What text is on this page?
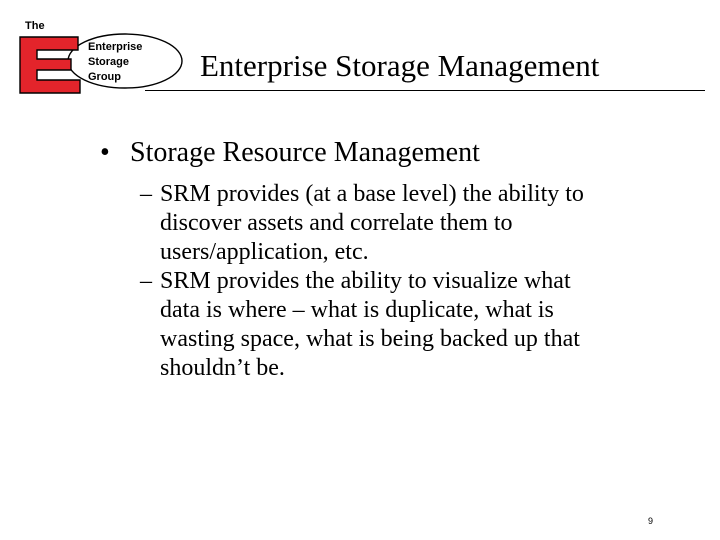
The
Enterprise
Storage
Group	Enterprise Storage Management
• Storage Resource Management
– SRM provides (at a base level) the ability to discover assets and correlate them to users/application, etc.
– SRM provides the ability to visualize what data is where – what is duplicate, what is wasting space, what is being backed up that shouldn’t be.
9
